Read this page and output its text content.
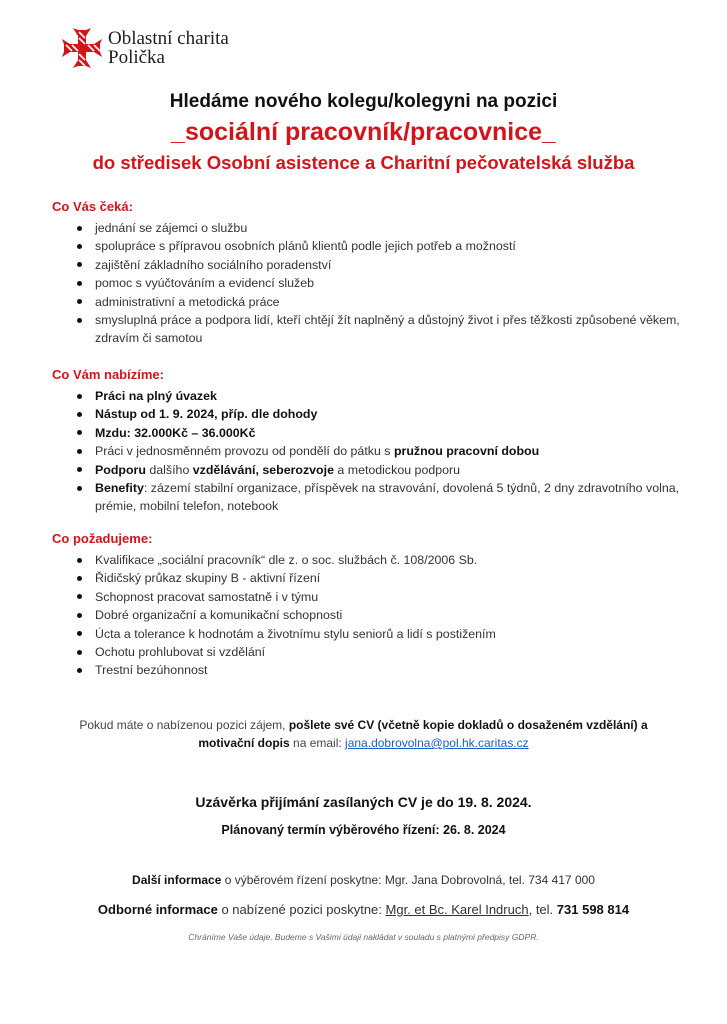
Oblastní charita
Polička
Hledáme nového kolegu/kolegyni na pozici
_sociální pracovník/pracovnice_
do středisek Osobní asistence a Charitní pečovatelská služba
Co Vás čeká:
jednání se zájemci o službu
spolupráce s přípravou osobních plánů klientů podle jejich potřeb a možností
zajištění základního sociálního poradenství
pomoc s vyúčtováním a evidencí služeb
administrativní a metodická práce
smysluplná práce a podpora lidí, kteří chtějí žít naplněný a důstojný život i přes těžkosti způsobené věkem, zdravím či samotou
Co Vám nabízíme:
Práci na plný úvazek
Nástup od 1. 9. 2024, příp. dle dohody
Mzdu: 32.000Kč – 36.000Kč
Práci v jednosměnném provozu od pondělí do pátku s pružnou pracovní dobou
Podporu dalšího vzdělávání, seberozvoje a metodickou podporu
Benefity: zázemí stabilní organizace, příspěvek na stravování, dovolená 5 týdnů, 2 dny zdravotního volna, prémie, mobilní telefon, notebook
Co požadujeme:
Kvalifikace „sociální pracovník“ dle z. o soc. službách č. 108/2006 Sb.
Řidičský průkaz skupiny B - aktivní řízení
Schopnost pracovat samostatně i v týmu
Dobré organizační a komunikační schopnosti
Úcta a tolerance k hodnotám a životnímu stylu seniorů a lidí s postižením
Ochotu prohlubovat si vzdělání
Trestní bezúhonnost
Pokud máte o nabízenou pozici zájem, pošlete své CV (včetně kopie dokladů o dosaženém vzdělání) a motivační dopis na email: jana.dobrovolna@pol.hk.caritas.cz
Uzávěrka přijímání zasílaných CV je do 19. 8. 2024.
Plánovaný termín výběrového řízení: 26. 8. 2024
Další informace o výběrovém řízení poskytne: Mgr. Jana Dobrovolná, tel. 734 417 000
Odborné informace o nabízené pozici poskytne: Mgr. et Bc. Karel Indruch, tel. 731 598 814
Chráníme Vaše údaje. Budeme s Vašimi údaji nakládat v souladu s platnými předpisy GDPR.
